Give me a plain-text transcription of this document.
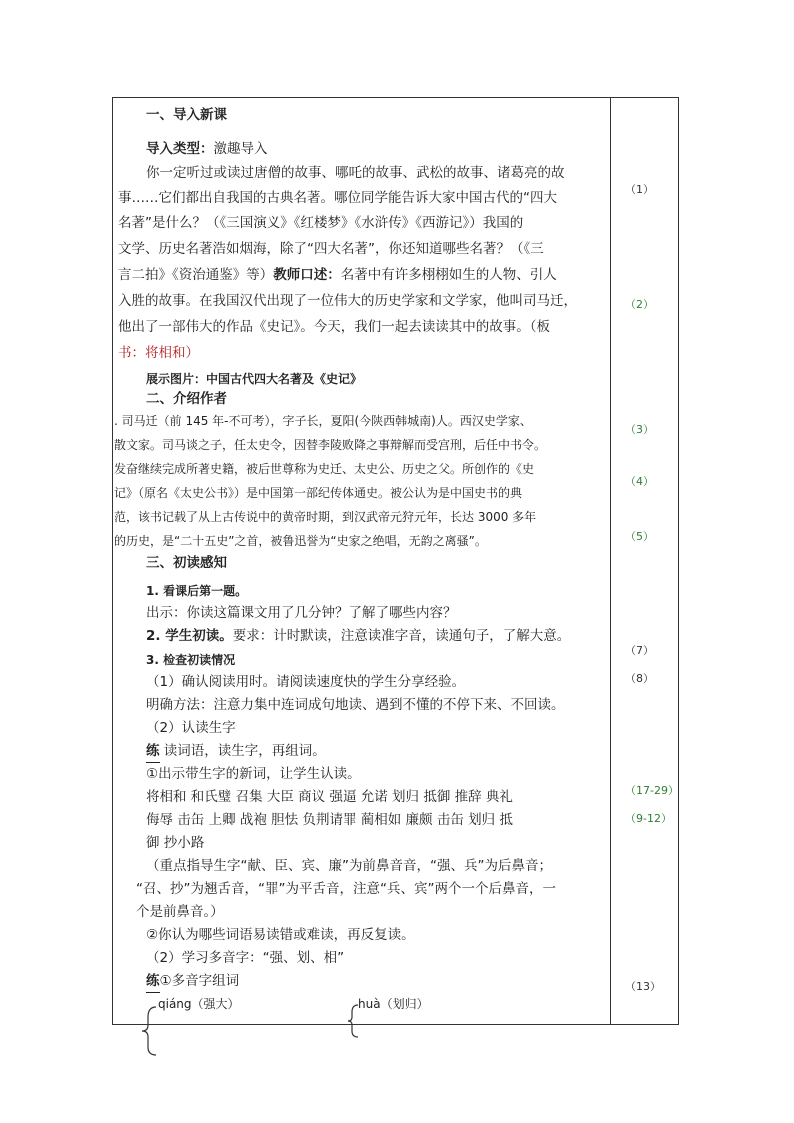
一、导入新课
导入类型：激趣导入
你一定听过或读过唐僧的故事、哪吒的故事、武松的故事、诸葛亮的故
事……它们都出自我国的古典名著。哪位同学能告诉大家中国古代的“四大
名著”是什么？（《三国演义》《红楼梦》《水浒传》《西游记》）我国的
文学、历史名著浩如烟海，除了“四大名著”，你还知道哪些名著？（《三
言二拍》《资治通鉴》等）教师口述：名著中有许多栩栩如生的人物、引人
入胜的故事。在我国汉代出现了一位伟大的历史学家和文学家，他叫司马迁，
他出了一部伟大的作品《史记》。今天，我们一起去读读其中的故事。（板
书：将相和）
展示图片：中国古代四大名著及《史记》
二、介绍作者
. 司马迁（前 145 年-不可考），字子长，夏阳(今陕西韩城南)人。西汉史学家、
散文家。司马谈之子，任太史令，因替李陵败降之事辩解而受宫刑，后任中书令。
发奋继续完成所著史籍，被后世尊称为史迁、太史公、历史之父。所创作的《史
记》（原名《太史公书》）是中国第一部纪传体通史。被公认为是中国史书的典
范，该书记载了从上古传说中的黄帝时期，到汉武帝元狩元年，长达 3000 多年
的历史，是“二十五史”之首，被鲁迅誉为“史家之绝唱，无韵之离骚”。
三、初读感知
1. 看课后第一题。
出示：你读这篇课文用了几分钟？了解了哪些内容？
2. 学生初读。要求：计时默读，注意读准字音，读通句子，了解大意。
3. 检查初读情况
（1）确认阅读用时。请阅读速度快的学生分享经验。
明确方法：注意力集中连词成句地读、遇到不懂的不停下来、不回读。
（2）认读生字
练 读词语，读生字，再组词。
①出示带生字的新词，让学生认读。
将相和 和氏璧 召集 大臣 商议 强逼 允诺 划归 抵御 推辞 典礼
侮辱 击缶 上卿 战袍 胆怯 负荆请罪 蔺相如 廉颇 击缶 划归 抵
御 抄小路
（重点指导生字“献、臣、宾、廉”为前鼻音音，“强、兵”为后鼻音；
“召、抄”为翘舌音，“罪”为平舌音，注意“兵、宾”两个一个后鼻音，一
个是前鼻音。）
②你认为哪些词语易读错或难读，再反复读。
（2）学习多音字：“强、划、相”
练①多音字组词
qiáng（强大）	huà（划归）
（1）
（2）
（3）
（4）
（5）
（7）
（8）
（17-29）
（9-12）
（13）
